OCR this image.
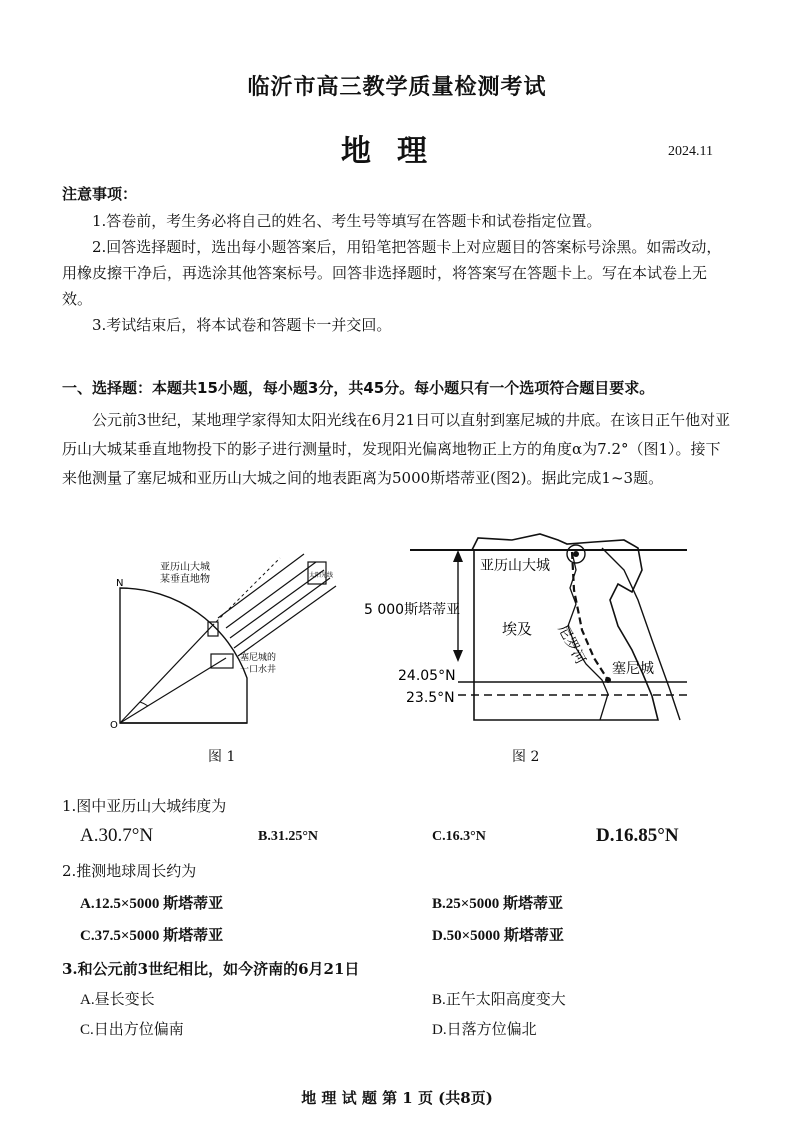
临沂市高三教学质量检测考试
地理	2024.11
注意事项：
1.答卷前，考生务必将自己的姓名、考生号等填写在答题卡和试卷指定位置。
2.回答选择题时，选出每小题答案后，用铅笔把答题卡上对应题目的答案标号涂黑。如需改动，用橡皮擦干净后，再选涂其他答案标号。回答非选择题时，将答案写在答题卡上。写在本试卷上无效。
3.考试结束后，将本试卷和答题卡一并交回。
一、选择题：本题共15小题，每小题3分，共45分。每小题只有一个选项符合题目要求。
公元前3世纪，某地理学家得知太阳光线在6月21日可以直射到塞尼城的井底。在该日正午他对亚历山大城某垂直地物投下的影子进行测量时，发现阳光偏离地物正上方的角度α为7.2°（图1）。接下来他测量了塞尼城和亚历山大城之间的地表距离为5000斯塔蒂亚(图2)。据此完成1~3题。
N
O
亚历山大城
某垂直地物
塞尼城的
一口水井
太阳光线
图 1
亚历山大城
5 000斯塔蒂亚
埃及 尼罗河
塞尼城
24.05°N
23.5°N
图 2
1.图中亚历山大城纬度为
A.30.7°N	B.31.25°N	C.16.3°N	D.16.85°N
2.推测地球周长约为
A.12.5×5000 斯塔蒂亚	B.25×5000 斯塔蒂亚
C.37.5×5000 斯塔蒂亚	D.50×5000 斯塔蒂亚
3.和公元前3世纪相比，如今济南的6月21日
A.昼长变长	B.正午太阳高度变大
C.日出方位偏南	D.日落方位偏北
地 理 试 题 第 1 页 (共8页)
